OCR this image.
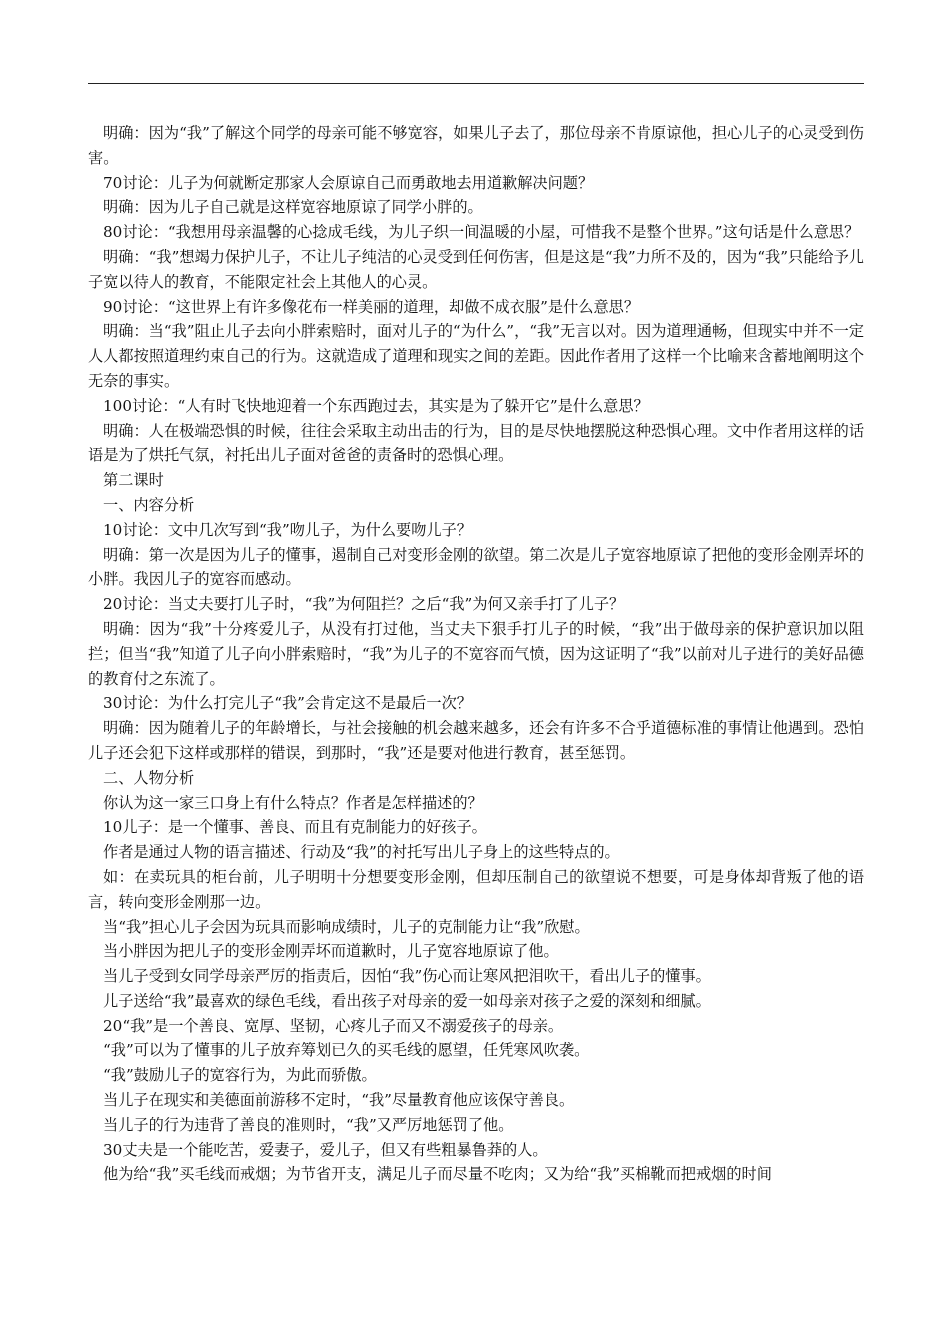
明确：因为“我”了解这个同学的母亲可能不够宽容，如果儿子去了，那位母亲不肯原谅他，担心儿子的心灵受到伤害。

70讨论：儿子为何就断定那家人会原谅自己而勇敢地去用道歉解决问题？

明确：因为儿子自己就是这样宽容地原谅了同学小胖的。

80讨论：“我想用母亲温馨的心捻成毛线，为儿子织一间温暖的小屋，可惜我不是整个世界。”这句话是什么意思？

明确：“我”想竭力保护儿子，不让儿子纯洁的心灵受到任何伤害，但是这是“我”力所不及的，因为“我”只能给予儿子宽以待人的教育，不能限定社会上其他人的心灵。

90讨论：“这世界上有许多像花布一样美丽的道理，却做不成衣服”是什么意思？

明确：当“我”阻止儿子去向小胖索赔时，面对儿子的“为什么”，“我”无言以对。因为道理通畅，但现实中并不一定人人都按照道理约束自己的行为。这就造成了道理和现实之间的差距。因此作者用了这样一个比喻来含蓄地阐明这个无奈的事实。

100讨论：“人有时飞快地迎着一个东西跑过去，其实是为了躲开它”是什么意思？

明确：人在极端恐惧的时候，往往会采取主动出击的行为，目的是尽快地摆脱这种恐惧心理。文中作者用这样的话语是为了烘托气氛，衬托出儿子面对爸爸的责备时的恐惧心理。

第二课时

一、内容分析

10讨论：文中几次写到“我”吻儿子，为什么要吻儿子？

明确：第一次是因为儿子的懂事，遏制自己对变形金刚的欲望。第二次是儿子宽容地原谅了把他的变形金刚弄坏的小胖。我因儿子的宽容而感动。

20讨论：当丈夫要打儿子时，“我”为何阻拦？之后“我”为何又亲手打了儿子？

明确：因为“我”十分疼爱儿子，从没有打过他，当丈夫下狠手打儿子的时候，“我”出于做母亲的保护意识加以阻拦；但当“我”知道了儿子向小胖索赔时，“我”为儿子的不宽容而气愤，因为这证明了“我”以前对儿子进行的美好品德的教育付之东流了。

30讨论：为什么打完儿子“我”会肯定这不是最后一次？

明确：因为随着儿子的年龄增长，与社会接触的机会越来越多，还会有许多不合乎道德标准的事情让他遇到。恐怕儿子还会犯下这样或那样的错误，到那时，“我”还是要对他进行教育，甚至惩罚。

二、人物分析

你认为这一家三口身上有什么特点？作者是怎样描述的？

10儿子：是一个懂事、善良、而且有克制能力的好孩子。

作者是通过人物的语言描述、行动及“我”的衬托写出儿子身上的这些特点的。

如：在卖玩具的柜台前，儿子明明十分想要变形金刚，但却压制自己的欲望说不想要，可是身体却背叛了他的语言，转向变形金刚那一边。

当“我”担心儿子会因为玩具而影响成绩时，儿子的克制能力让“我”欣慰。

当小胖因为把儿子的变形金刚弄坏而道歉时，儿子宽容地原谅了他。

当儿子受到女同学母亲严厉的指责后，因怕“我”伤心而让寒风把泪吹干，看出儿子的懂事。

儿子送给“我”最喜欢的绿色毛线，看出孩子对母亲的爱一如母亲对孩子之爱的深刻和细腻。

20“我”是一个善良、宽厚、坚韧，心疼儿子而又不溺爱孩子的母亲。

“我”可以为了懂事的儿子放弃筹划已久的买毛线的愿望，任凭寒风吹袭。

“我”鼓励儿子的宽容行为，为此而骄傲。

当儿子在现实和美德面前游移不定时，“我”尽量教育他应该保守善良。

当儿子的行为违背了善良的准则时，“我”又严厉地惩罚了他。

30丈夫是一个能吃苦，爱妻子，爱儿子，但又有些粗暴鲁莽的人。

他为给“我”买毛线而戒烟；为节省开支，满足儿子而尽量不吃肉；又为给“我”买棉靴而把戒烟的时间
